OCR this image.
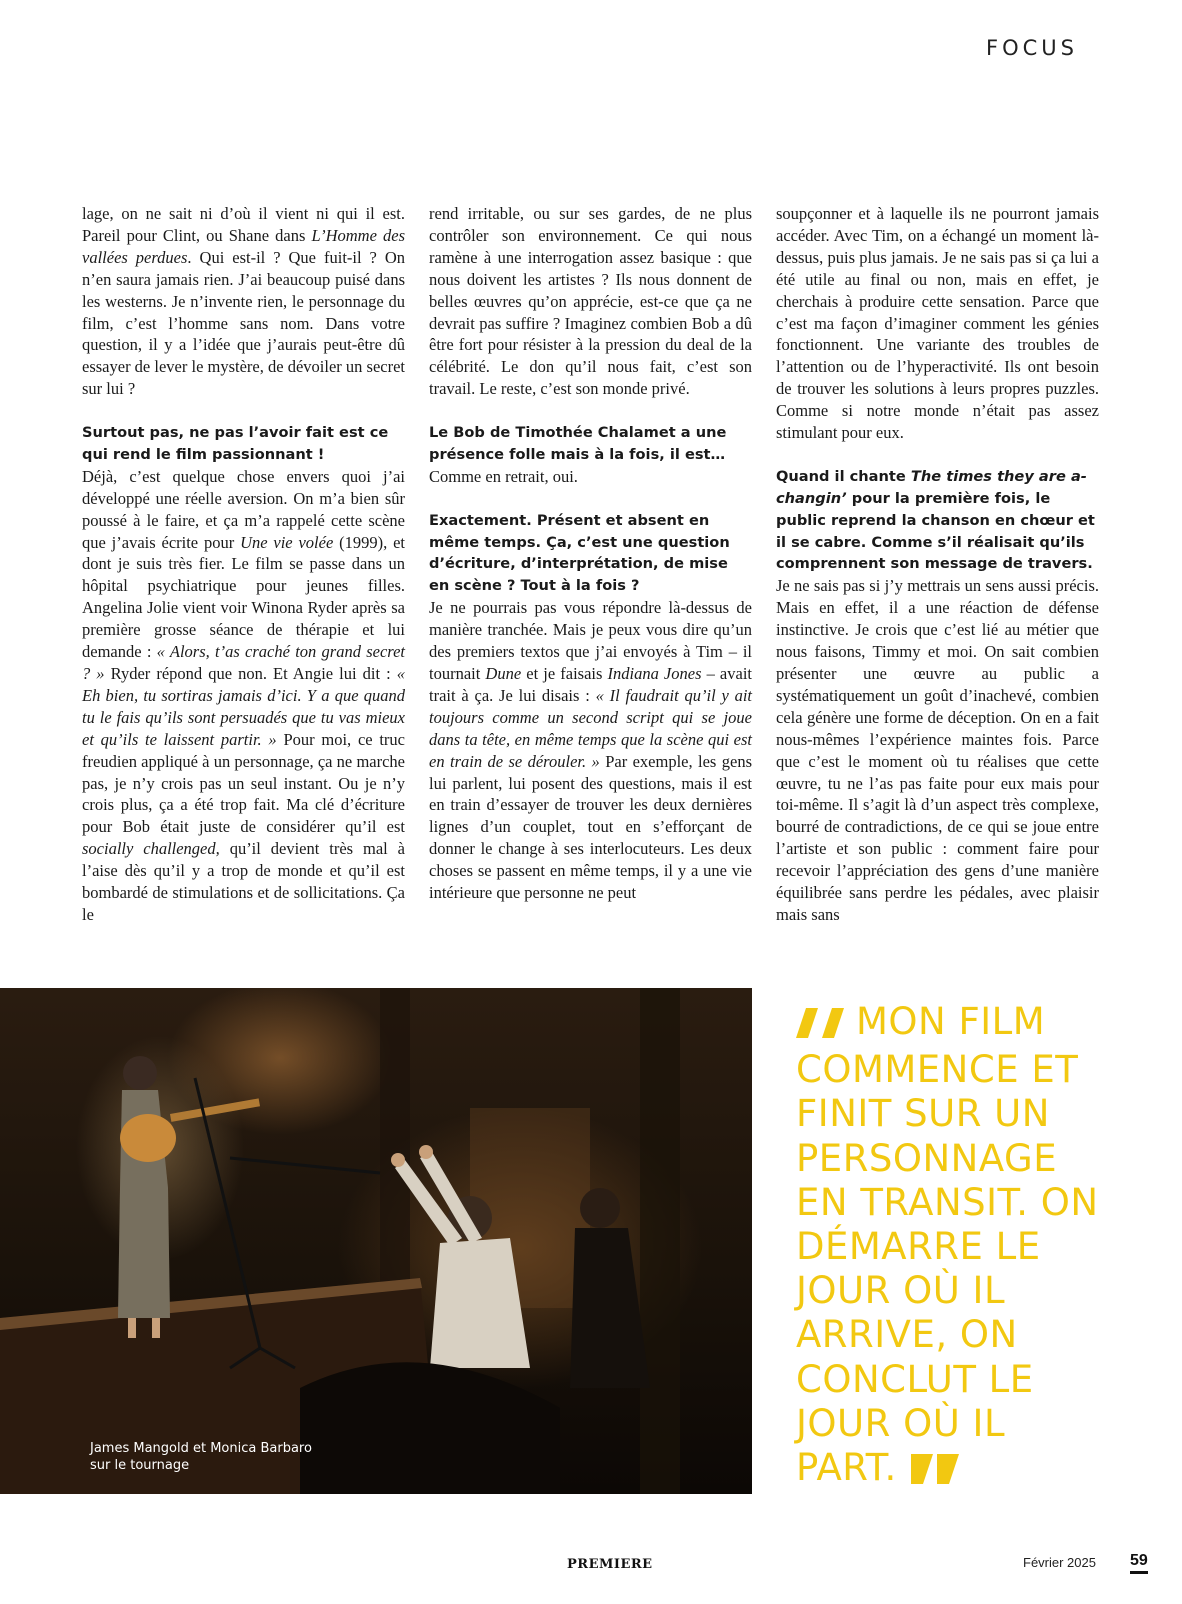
FOCUS

lage, on ne sait ni d’où il vient ni qui il est. Pareil pour Clint, ou Shane dans L’Homme des vallées perdues. Qui est-il ? Que fuit-il ? On n’en saura jamais rien. J’ai beaucoup puisé dans les westerns. Je n’invente rien, le personnage du film, c’est l’homme sans nom. Dans votre question, il y a l’idée que j’aurais peut-être dû essayer de lever le mystère, de dévoiler un secret sur lui ?

Surtout pas, ne pas l’avoir fait est ce qui rend le film passionnant !

Déjà, c’est quelque chose envers quoi j’ai développé une réelle aversion. On m’a bien sûr poussé à le faire, et ça m’a rappelé cette scène que j’avais écrite pour Une vie volée (1999), et dont je suis très fier. Le film se passe dans un hôpital psychiatrique pour jeunes filles. Angelina Jolie vient voir Winona Ryder après sa première grosse séance de thérapie et lui demande : « Alors, t’as craché ton grand secret ? » Ryder répond que non. Et Angie lui dit : « Eh bien, tu sortiras jamais d’ici. Y a que quand tu le fais qu’ils sont persuadés que tu vas mieux et qu’ils te laissent partir. » Pour moi, ce truc freudien appliqué à un personnage, ça ne marche pas, je n’y crois pas un seul instant. Ou je n’y crois plus, ça a été trop fait. Ma clé d’écriture pour Bob était juste de considérer qu’il est socially challenged, qu’il devient très mal à l’aise dès qu’il y a trop de monde et qu’il est bombardé de stimulations et de sollicitations. Ça le

rend irritable, ou sur ses gardes, de ne plus contrôler son environnement. Ce qui nous ramène à une interrogation assez basique : que nous doivent les artistes ? Ils nous donnent de belles œuvres qu’on apprécie, est-ce que ça ne devrait pas suffire ? Imaginez combien Bob a dû être fort pour résister à la pression du deal de la célébrité. Le don qu’il nous fait, c’est son travail. Le reste, c’est son monde privé.

Le Bob de Timothée Chalamet a une présence folle mais à la fois, il est…

Comme en retrait, oui.

Exactement. Présent et absent en même temps. Ça, c’est une question d’écriture, d’interprétation, de mise en scène ? Tout à la fois ?

Je ne pourrais pas vous répondre là-dessus de manière tranchée. Mais je peux vous dire qu’un des premiers textos que j’ai envoyés à Tim – il tournait Dune et je faisais Indiana Jones – avait trait à ça. Je lui disais : « Il faudrait qu’il y ait toujours comme un second script qui se joue dans ta tête, en même temps que la scène qui est en train de se dérouler. » Par exemple, les gens lui parlent, lui posent des questions, mais il est en train d’essayer de trouver les deux dernières lignes d’un couplet, tout en s’efforçant de donner le change à ses interlocuteurs. Les deux choses se passent en même temps, il y a une vie intérieure que personne ne peut

soupçonner et à laquelle ils ne pourront jamais accéder. Avec Tim, on a échangé un moment là-dessus, puis plus jamais. Je ne sais pas si ça lui a été utile au final ou non, mais en effet, je cherchais à produire cette sensation. Parce que c’est ma façon d’imaginer comment les génies fonctionnent. Une variante des troubles de l’attention ou de l’hyperactivité. Ils ont besoin de trouver les solutions à leurs propres puzzles. Comme si notre monde n’était pas assez stimulant pour eux.

Quand il chante The times they are a-changin’ pour la première fois, le public reprend la chanson en chœur et il se cabre. Comme s’il réalisait qu’ils comprennent son message de travers.

Je ne sais pas si j’y mettrais un sens aussi précis. Mais en effet, il a une réaction de défense instinctive. Je crois que c’est lié au métier que nous faisons, Timmy et moi. On sait combien présenter une œuvre au public a systématiquement un goût d’inachevé, combien cela génère une forme de déception. On en a fait nous-mêmes l’expérience maintes fois. Parce que c’est le moment où tu réalises que cette œuvre, tu ne l’as pas faite pour eux mais pour toi-même. Il s’agit là d’un aspect très complexe, bourré de contradictions, de ce qui se joue entre l’artiste et son public : comment faire pour recevoir l’appréciation des gens d’une manière équilibrée sans perdre les pédales, avec plaisir mais sans

James Mangold et Monica Barbaro sur le tournage
MON FILM COMMENCE ET FINIT SUR UN PERSONNAGE EN TRANSIT. ON DÉMARRE LE JOUR OÙ IL ARRIVE, ON CONCLUT LE JOUR OÙ IL PART.
PREMIERE	Février 2025 59
